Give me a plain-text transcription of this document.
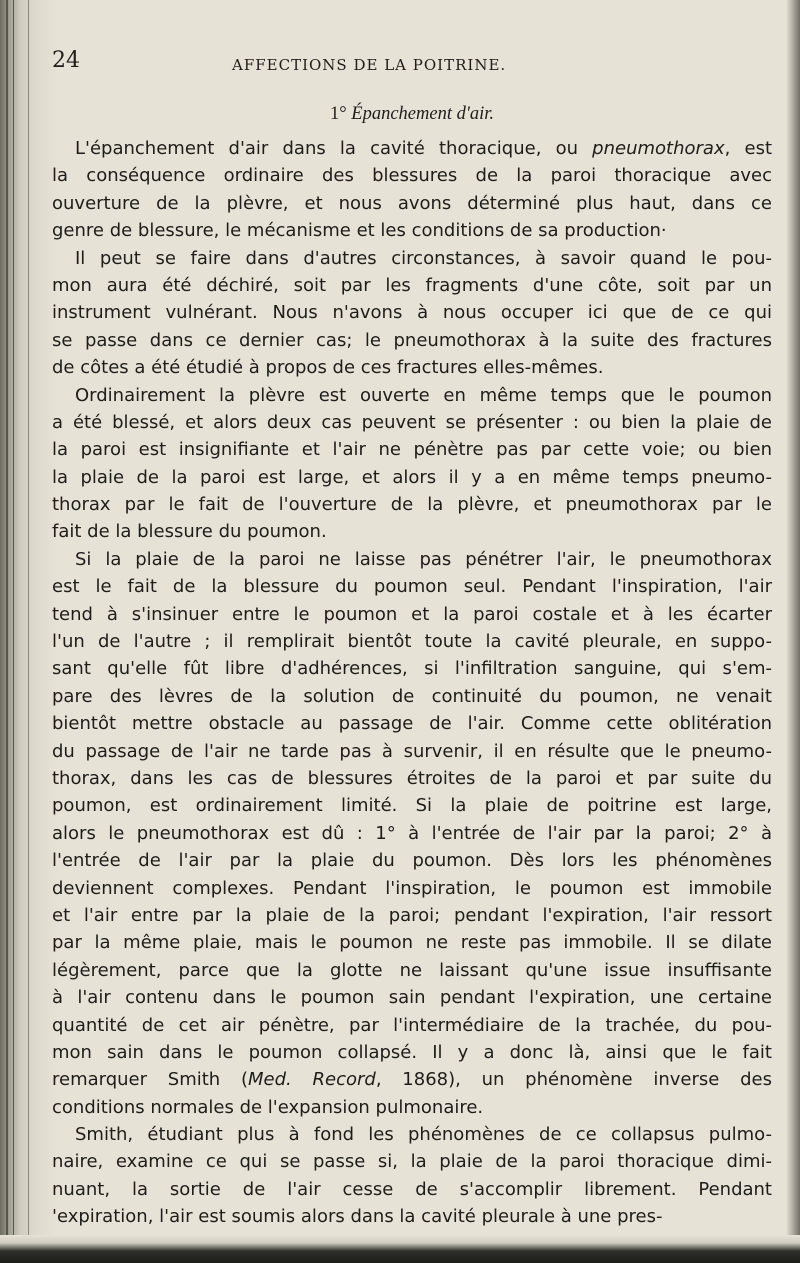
24	AFFECTIONS DE LA POITRINE.
1° Épanchement d'air.
L'épanchement d'air dans la cavité thoracique, ou pneumothorax, est
la conséquence ordinaire des blessures de la paroi thoracique avec
ouverture de la plèvre, et nous avons déterminé plus haut, dans ce
genre de blessure, le mécanisme et les conditions de sa production·
Il peut se faire dans d'autres circonstances, à savoir quand le pou-
mon aura été déchiré, soit par les fragments d'une côte, soit par un
instrument vulnérant. Nous n'avons à nous occuper ici que de ce qui
se passe dans ce dernier cas; le pneumothorax à la suite des fractures
de côtes a été étudié à propos de ces fractures elles-mêmes.
Ordinairement la plèvre est ouverte en même temps que le poumon
a été blessé, et alors deux cas peuvent se présenter : ou bien la plaie de
la paroi est insignifiante et l'air ne pénètre pas par cette voie; ou bien
la plaie de la paroi est large, et alors il y a en même temps pneumo-
thorax par le fait de l'ouverture de la plèvre, et pneumothorax par le
fait de la blessure du poumon.
Si la plaie de la paroi ne laisse pas pénétrer l'air, le pneumothorax
est le fait de la blessure du poumon seul. Pendant l'inspiration, l'air
tend à s'insinuer entre le poumon et la paroi costale et à les écarter
l'un de l'autre ; il remplirait bientôt toute la cavité pleurale, en suppo-
sant qu'elle fût libre d'adhérences, si l'infiltration sanguine, qui s'em-
pare des lèvres de la solution de continuité du poumon, ne venait
bientôt mettre obstacle au passage de l'air. Comme cette oblitération
du passage de l'air ne tarde pas à survenir, il en résulte que le pneumo-
thorax, dans les cas de blessures étroites de la paroi et par suite du
poumon, est ordinairement limité. Si la plaie de poitrine est large,
alors le pneumothorax est dû : 1° à l'entrée de l'air par la paroi; 2° à
l'entrée de l'air par la plaie du poumon. Dès lors les phénomènes
deviennent complexes. Pendant l'inspiration, le poumon est immobile
et l'air entre par la plaie de la paroi; pendant l'expiration, l'air ressort
par la même plaie, mais le poumon ne reste pas immobile. Il se dilate
légèrement, parce que la glotte ne laissant qu'une issue insuffisante
à l'air contenu dans le poumon sain pendant l'expiration, une certaine
quantité de cet air pénètre, par l'intermédiaire de la trachée, du pou-
mon sain dans le poumon collapsé. Il y a donc là, ainsi que le fait
remarquer Smith (Med. Record, 1868), un phénomène inverse des
conditions normales de l'expansion pulmonaire.
Smith, étudiant plus à fond les phénomènes de ce collapsus pulmo-
naire, examine ce qui se passe si, la plaie de la paroi thoracique dimi-
nuant, la sortie de l'air cesse de s'accomplir librement. Pendant
'expiration, l'air est soumis alors dans la cavité pleurale à une pres-
